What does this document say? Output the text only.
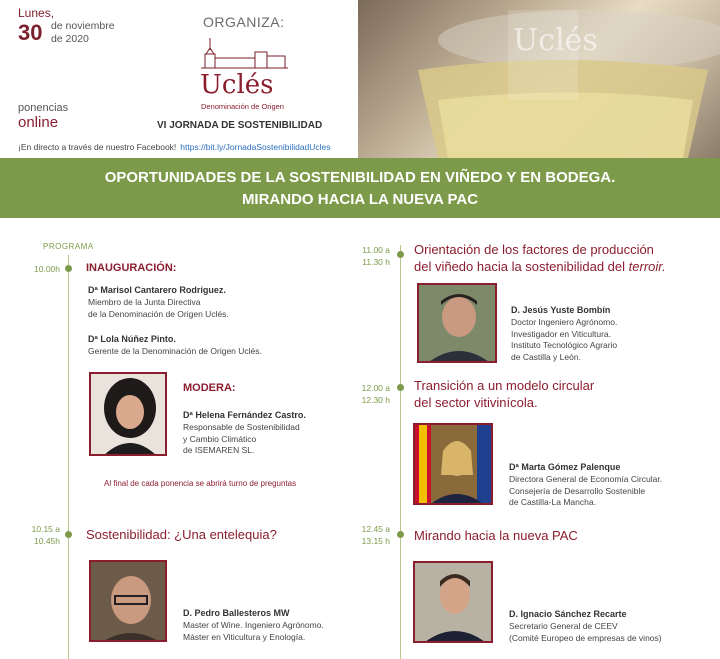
Lunes,
30 de noviembre
de 2020
ponencias
online
ORGANIZA:
Uclés
Denominación de Origen
VI JORNADA DE SOSTENIBILIDAD
¡En directo a través de nuestro Facebook! https://bit.ly/JornadaSostenibilidadUcles
Uclés
OPORTUNIDADES DE LA SOSTENIBILIDAD EN VIÑEDO Y EN BODEGA.
MIRANDO HACIA LA NUEVA PAC
PROGRAMA
10.00h INAUGURACIÓN:
Dª Marisol Cantarero Rodríguez.
Miembro de la Junta Directiva
de la Denominación de Origen Uclés.
Dª Lola Núñez Pinto.
Gerente de la Denominación de Origen Uclés.
MODERA:
Dª Helena Fernández Castro.
Responsable de Sostenibilidad
y Cambio Climático
de ISEMAREN SL.
Al final de cada ponencia se abrirá turno de preguntas
10.15 a
10.45h Sostenibilidad: ¿Una entelequia?
D. Pedro Ballesteros MW
Master of Wine. Ingeniero Agrónomo.
Máster en Viticultura y Enología.
11.00 a
11.30 h
Orientación de los factores de producción
del viñedo hacia la sostenibilidad del terroir.
D. Jesús Yuste Bombín
Doctor Ingeniero Agrónomo.
Investigador en Viticultura.
Instituto Tecnológico Agrario
de Castilla y León.
12.00 a
12.30 h
Transición a un modelo circular
del sector vitivinícola.
Dª Marta Gómez Palenque
Directora General de Economía Circular.
Consejería de Desarrollo Sostenible
de Castilla-La Mancha.
12.45 a
13.15 h Mirando hacia la nueva PAC
D. Ignacio Sánchez Recarte
Secretario General de CEEV
(Comité Europeo de empresas de vinos)
